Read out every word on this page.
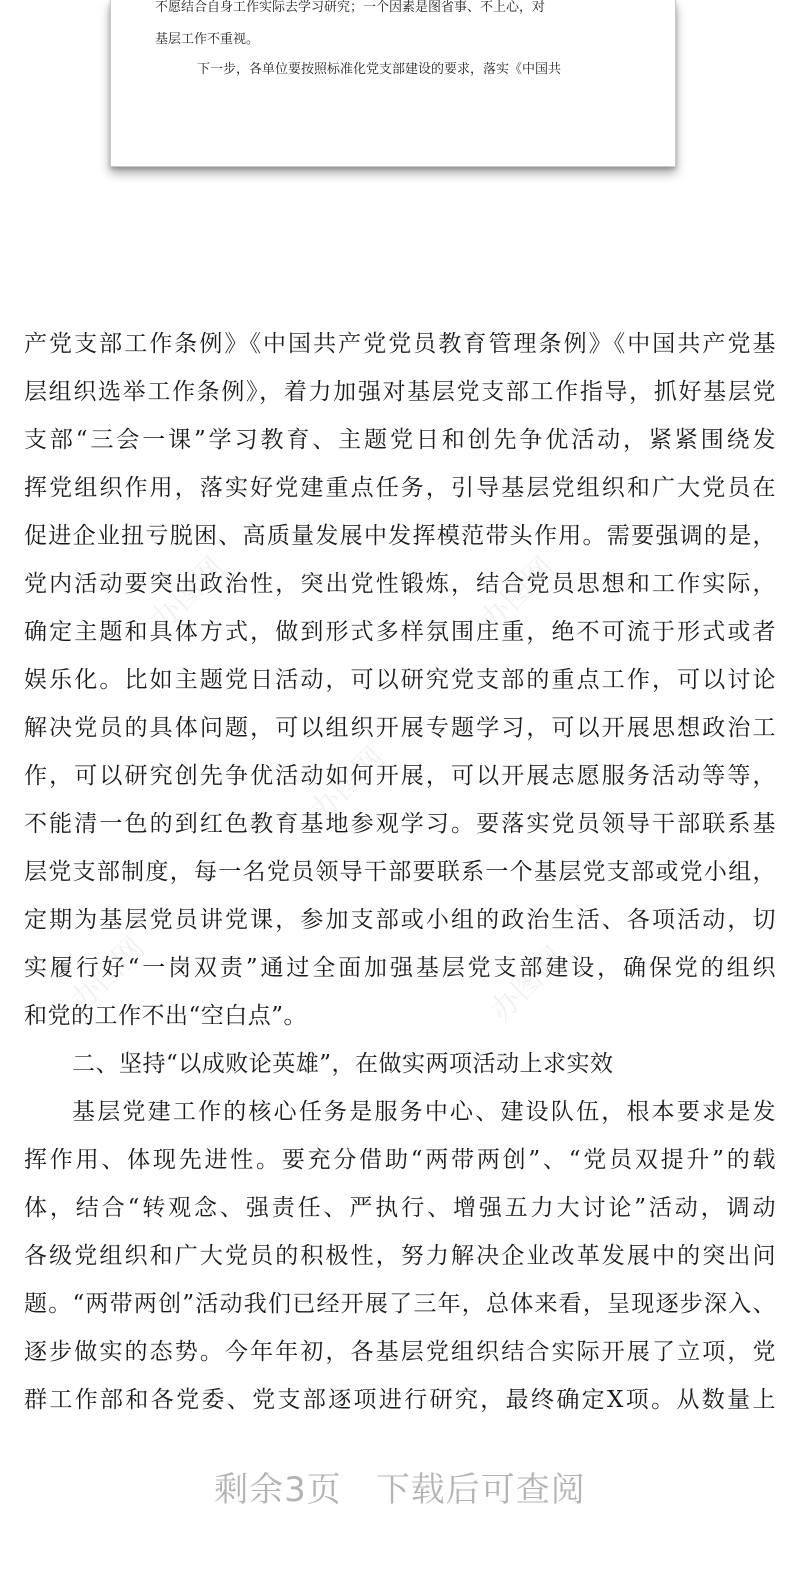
不愿结合自身工作实际去学习研究；一个因素是图省事、不上心，对
基层工作不重视。
下一步，各单位要按照标准化党支部建设的要求，落实《中国共
办图网	办图网
办图网
办图网	办图网
产党支部工作条例》《中国共产党党员教育管理条例》《中国共产党基
层组织选举工作条例》，着力加强对基层党支部工作指导，抓好基层党
支部“三会一课”学习教育、主题党日和创先争优活动，紧紧围绕发
挥党组织作用，落实好党建重点任务，引导基层党组织和广大党员在
促进企业扭亏脱困、高质量发展中发挥模范带头作用。需要强调的是，
党内活动要突出政治性，突出党性锻炼，结合党员思想和工作实际，
确定主题和具体方式，做到形式多样氛围庄重，绝不可流于形式或者
娱乐化。比如主题党日活动，可以研究党支部的重点工作，可以讨论
解决党员的具体问题，可以组织开展专题学习，可以开展思想政治工
作，可以研究创先争优活动如何开展，可以开展志愿服务活动等等，
不能清一色的到红色教育基地参观学习。要落实党员领导干部联系基
层党支部制度，每一名党员领导干部要联系一个基层党支部或党小组，
定期为基层党员讲党课，参加支部或小组的政治生活、各项活动，切
实履行好“一岗双责”通过全面加强基层党支部建设，确保党的组织
和党的工作不出“空白点”。
二、坚持“以成败论英雄”，在做实两项活动上求实效
基层党建工作的核心任务是服务中心、建设队伍，根本要求是发
挥作用、体现先进性。要充分借助“两带两创”、“党员双提升”的载
体，结合“转观念、强责任、严执行、增强五力大讨论”活动，调动
各级党组织和广大党员的积极性，努力解决企业改革发展中的突出问
题。“两带两创”活动我们已经开展了三年，总体来看，呈现逐步深入、
逐步做实的态势。今年年初，各基层党组织结合实际开展了立项，党
群工作部和各党委、党支部逐项进行研究，最终确定X项。从数量上
剩余3页 下载后可查阅
